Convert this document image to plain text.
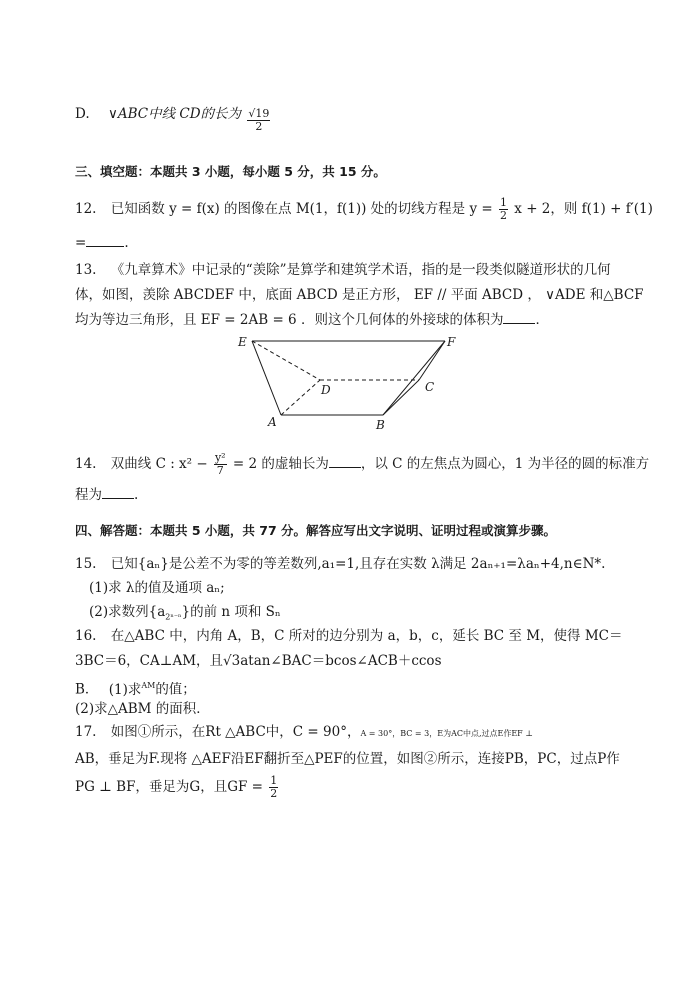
D. ∨ABC中线 CD的长为 $\frac{√19}{2}$
三、填空题：本题共 3 小题，每小题 5 分，共 15 分。
12. 已知函数 y = f(x) 的图像在点 M(1，f(1)) 处的切线方程是 $y = \frac{1}{2}$ x + 2，则 f(1) + f′(1)
=	.
13. 《九章算术》中记录的“羡除”是算学和建筑学术语，指的是一段类似隧道形状的几何
体，如图，羡除 ABCDEF 中，底面 ABCD 是正方形， EF // 平面 ABCD ， ∨ADE 和△BCF
均为等边三角形，且 EF = 2AB = 6 ．则这个几何体的外接球的体积为 ．
E	F
D	C
A	B
14. 双曲线 C : $x^2 - \frac{\text{y²}}{7} = 2$ 的虚轴长为 ，以 C 的左焦点为圆心，1 为半径的圆的标准方
程为 .
四、解答题：本题共 5 小题，共 77 分。解答应写出文字说明、证明过程或演算步骤。
15. 已知{aₙ}是公差不为零的等差数列,a₁=1,且存在实数 λ满足 2aₙ₊₁=λaₙ+4,n∈N*.
(1)求 λ的值及通项 aₙ;
(2)求数列$\{a_{2^{n-n}}\}$的前 n 项和 Sₙ
16. 在△ABC 中，内角 A，B，C 所对的边分别为 a，b，c，延长 BC 至 M，使得 MC＝
3BC＝6，CA⊥AM，且√3atan∠BAC＝bcos∠ACB＋ccos
B． (1)求$^{AM}$的值；
(2)求△ABM 的面积．
17. 如图①所示，在Rt △ABC中，C = 90°，A = 30°，BC = 3，E为AC中点,过点E作EF ⊥
AB，垂足为F.现将 △AEF沿EF翻折至△PEF的位置，如图②所示，连接PB，PC，过点P作
PG ⊥ BF，垂足为G，且GF = $\frac{1}{2}$
